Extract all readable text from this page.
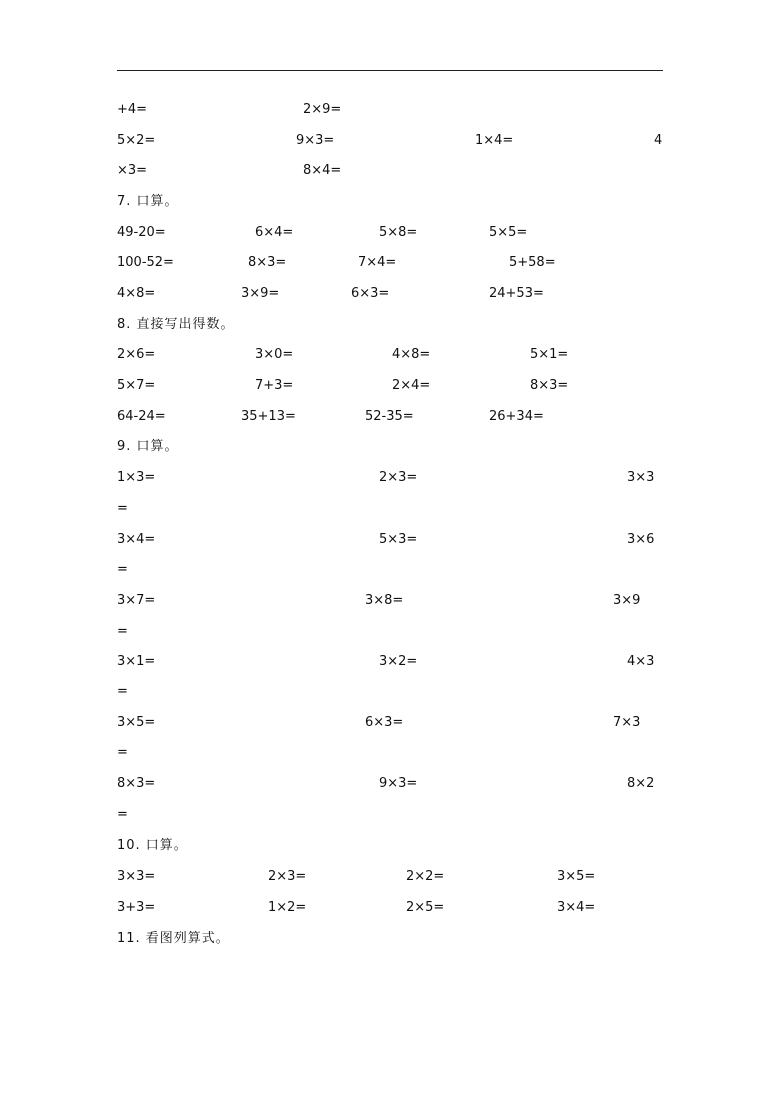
+4=	2×9=
5×2=	9×3=	1×4=	4
×3=	8×4=
7. 口算。
49-20=	6×4=	5×8=	5×5=
100-52=	8×3=	7×4=	5+58=
4×8=	3×9=	6×3=	24+53=
8. 直接写出得数。
2×6=	3×0=	4×8=	5×1=
5×7=	7+3=	2×4=	8×3=
64-24=	35+13=	52-35=	26+34=
9. 口算。
1×3=	2×3=	3×3
=
3×4=	5×3=	3×6
=
3×7=	3×8=	3×9
=
3×1=	3×2=	4×3
=
3×5=	6×3=	7×3
=
8×3=	9×3=	8×2
=
10. 口算。
3×3=	2×3=	2×2=	3×5=
3+3=	1×2=	2×5=	3×4=
11. 看图列算式。
